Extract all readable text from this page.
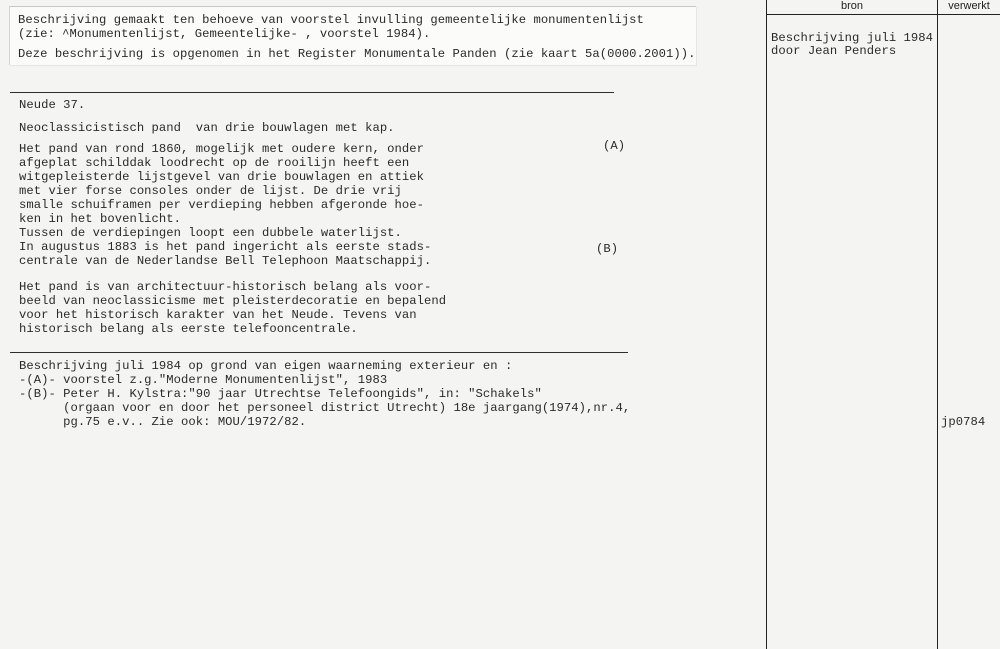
Beschrijving gemaakt ten behoeve van voorstel invulling gemeentelijke monumentenlijst
(zie: ^Monumentenlijst, Gemeentelijke- , voorstel 1984).
Deze beschrijving is opgenomen in het Register Monumentale Panden (zie kaart 5a(0000.2001)).
bron	verwerkt
Beschrijving juli 1984
door Jean Penders
jp0784
Neude 37.
Neoclassicistisch pand  van drie bouwlagen met kap.
Het pand van rond 1860, mogelijk met oudere kern, onder
afgeplat schilddak loodrecht op de rooilijn heeft een
witgepleisterde lijstgevel van drie bouwlagen en attiek
met vier forse consoles onder de lijst. De drie vrij
smalle schuiframen per verdieping hebben afgeronde hoe-
ken in het bovenlicht.
Tussen de verdiepingen loopt een dubbele waterlijst.
In augustus 1883 is het pand ingericht als eerste stads-
centrale van de Nederlandse Bell Telephoon Maatschappij.
(A)
(B)
Het pand is van architectuur-historisch belang als voor-
beeld van neoclassicisme met pleisterdecoratie en bepalend
voor het historisch karakter van het Neude. Tevens van
historisch belang als eerste telefooncentrale.
Beschrijving juli 1984 op grond van eigen waarneming exterieur en :
-(A)- voorstel z.g."Moderne Monumentenlijst", 1983
-(B)- Peter H. Kylstra:"90 jaar Utrechtse Telefoongids", in: "Schakels"
(orgaan voor en door het personeel district Utrecht) 18e jaargang(1974),nr.4,
pg.75 e.v.. Zie ook: MOU/1972/82.
